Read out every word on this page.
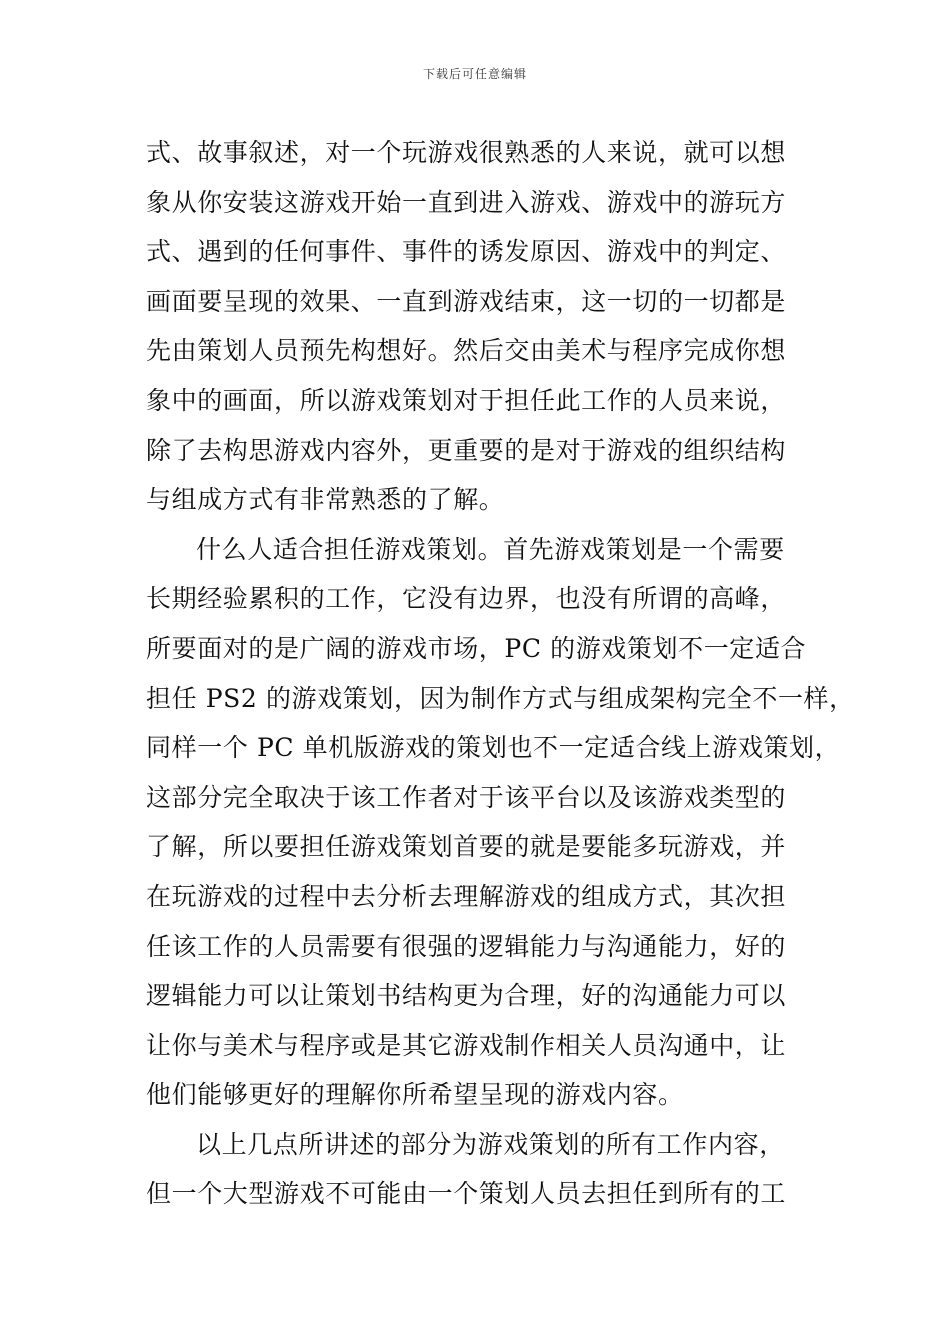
下载后可任意编辑
式、故事叙述，对一个玩游戏很熟悉的人来说，就可以想
象从你安装这游戏开始一直到进入游戏、游戏中的游玩方
式、遇到的任何事件、事件的诱发原因、游戏中的判定、
画面要呈现的效果、一直到游戏结束，这一切的一切都是
先由策划人员预先构想好。然后交由美术与程序完成你想
象中的画面，所以游戏策划对于担任此工作的人员来说，
除了去构思游戏内容外，更重要的是对于游戏的组织结构
与组成方式有非常熟悉的了解。
什么人适合担任游戏策划。首先游戏策划是一个需要
长期经验累积的工作，它没有边界，也没有所谓的高峰，
所要面对的是广阔的游戏市场，PC 的游戏策划不一定适合
担任 PS2 的游戏策划，因为制作方式与组成架构完全不一样，
同样一个 PC 单机版游戏的策划也不一定适合线上游戏策划，
这部分完全取决于该工作者对于该平台以及该游戏类型的
了解，所以要担任游戏策划首要的就是要能多玩游戏，并
在玩游戏的过程中去分析去理解游戏的组成方式，其次担
任该工作的人员需要有很强的逻辑能力与沟通能力，好的
逻辑能力可以让策划书结构更为合理，好的沟通能力可以
让你与美术与程序或是其它游戏制作相关人员沟通中，让
他们能够更好的理解你所希望呈现的游戏内容。
以上几点所讲述的部分为游戏策划的所有工作内容，
但一个大型游戏不可能由一个策划人员去担任到所有的工
